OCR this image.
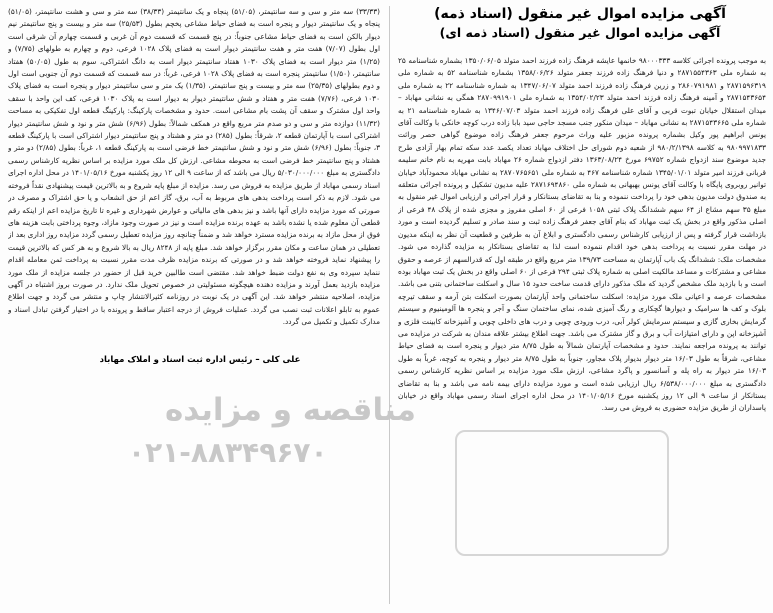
آگهی مزایده اموال غیر منقول (اسناد ذمه)
آگهی مزایده اموال غیر منقول (اسناد ذمه ای)

به موجب پرونده اجرائی کلاسه ۹۸۰۰۰۳۳۳ خانمها عایشه فرهنگ زاده فرزند احمد متولد ۱۳۵۰/۰۶/۰۵ بشماره شناسنامه ۲۵ به شماره ملی ۲۸۷۱۵۵۴۳۶۳ و دنیا فرهنگ زاده فرزند جعفر متولد ۱۳۵۸/۰۶/۲۶ بشماره شناسنامه ۵۲ به شماره ملی ۲۸۷۱۵۹۶۳۱۹ و ۲۸۶۰۷۹۱۹۸۱ و زرین فرهنگ زاده فرزند احمد متولد ۱۳۴۷/۰۶/۰۷ به شماره شناسنامه ۲۲ به شماره ملی ۲۸۷۱۵۴۳۶۵۴ و آمینه فرهنگ زاده فرزند احمد متولد ۱۳۵۴/۰۲/۲۳ به شماره ملی ۲۸۷۰۹۹۱۹۰۱ همگی به نشانی مهاباد – میدان استقلال خیابان تبوت قربی و آقای علی فرهنگ زاده فرزند احمد متولد ۱۳۴۶/۰۷/۰۳ به شماره شناسنامه ۲۱ به شماره ملی ۲۸۷۱۵۴۳۶۶۵ به نشانی مهاباد – میدان منکور جنب مسجد حاجی سید بابا زاده درب کوچه خانکی با وکالت آقای یونس ابراهیم پور وکیل بشماره پرونده مزبور علیه وراث مرحوم جعفر فرهنگ زاده موضوع گواهی حصر وراثت ۹۸۰۹۹۷۱۸۳۳ به کلاسه ۹۸۰/۲/۱۳۹۸ از شعبه دوم شورای حل اختلاف مهاباد تعداد یکصد عدد سکه تمام بهار آزادی طرح جدید موضوع سند ازدواج شماره ۶۹۷۵۲ مورخ ۱۳۶۳/۰۸/۲۴ دفتر ازدواج شماره ۲۶ مهاباد بابت مهریه به نام خانم سلیمه قربانی فرزند امیر متولد ۱۳۴۵/۰۱/۰۱ شماره شناسنامه ۴۶۷ به شماره ملی ۲۸۷۰۷۶۵۶۵۱ به نشانی مهاباد محمودآباد خیابان توانیر روبروی پایگاه با وکالت آقای یونس بهبهانی به شماره ملی ۲۸۷۱۶۹۴۸۶۰ علیه مدیون تشکیل و پرونده اجرائی متعلقه به صندوق دولت مدیون بدهی خود را پرداخت ننموده و بنا به تقاضای بستانکار و قرار اجرائی و ارزیابی اموال غیر منقول به مبلغ ۳۵ سهم مشاع از ۶۴ سهم ششدانگ پلاک ثبتی ۱۰۵۸ فرعی از ۶۰ اصلی مفروز و مجزی شده از پلاک ۴۸ فرعی از اصلی مذکور واقع در بخش یک ثبت مهاباد که بنام آقای جعفر فرهنگ زاده ثبت و سند صادر و تسلیم گردیده است و مورد بازداشت قرار گرفته و پس از ارزیابی کارشناس رسمی دادگستری و ابلاغ آن به طرفین و قطعیت آن نظر به اینکه مدیون در مهلت مقرر نسبت به پرداخت بدهی خود اقدام ننموده است لذا به تقاضای بستانکار به مزایده گذارده می شود. مشخصات ملک: ششدانگ یک باب آپارتمان به مساحت ۱۳۹/۷۳ متر مربع واقع در طبقه اول که قدرالسهم از عرصه و حقوق مشاعی و مشترکات و مساعد مالکیت اصلی به شماره پلاک ثبتی ۲۹۴ فرعی از ۶۰ اصلی واقع در بخش یک ثبت مهاباد بوده است و با بازدید ملک مشخص گردید که ملک مذکور دارای قدمت ساخت حدود ۱۵ سال و اسکلت ساختمانی بتنی می باشد. مشخصات عرصه و اعیانی ملک مورد مزایده: اسکلت ساختمانی واحد آپارتمان بصورت اسکلت بتن آرمه و سقف تیرچه بلوک و کف ها سرامیک و دیوارها گچکاری و رنگ آمیزی شده، نمای ساختمان سنگ و آجر و پنجره ها آلومینیوم و سیستم گرمایش بخاری گازی و سیستم سرمایش کولر آبی، درب ورودی چوبی و درب های داخلی چوبی و آشپزخانه کابینت فلزی و آشپزخانه اپن و دارای امتیازات آب و برق و گاز مشترک می باشد. جهت اطلاع بیشتر علاقه مندان به شرکت در مزایده می توانند به پرونده مراجعه نمایند. حدود و مشخصات آپارتمان شمالاً به طول ۸/۷۵ متر دیوار و پنجره است به فضای حیاط مشاعی، شرقاً به طول ۱۶/۰۳ متر دیوار بدیوار پلاک مجاور، جنوباً به طول ۸/۷۵ متر دیوار و پنجره به کوچه، غرباً به طول ۱۶/۰۳ متر دیوار به راه پله و آسانسور و پاگرد مشاعی، ارزش ملک مورد مزایده بر اساس نظریه کارشناس رسمی دادگستری به مبلغ ۶/۵۳۸/۰۰۰/۰۰۰ ریال ارزیابی شده است و مورد مزایده دارای بیمه نامه می باشد و بنا به تقاضای بستانکار از ساعت ۹ الی ۱۲ روز یکشنبه مورخ ۱۴۰۱/۰۵/۱۶ در محل اداره اجرای اسناد رسمی مهاباد واقع در خیابان پاسداران از طریق مزایده حضوری به فروش می رسد.

(۳۳/۳۳) سه متر و سی و سه سانتیمتر، (۵۱/۰۵) پنجاه و یک سانتیمتر (۳۸/۳۳) سه متر و سی و هشت سانتیمتر، (۵۱/۰۵) پنجاه و یک سانتیمتر دیوار و پنجره است به فضای حیاط مشاعی پخچم بطول (۲۵/۵۳) سه متر و بیست و پنج سانتیمتر نیم دیوار بالکن است به فضای حیاط مشاعی جنوباً: در پنج قسمت که قسمت دوم آن غربی و قسمت چهارم آن شرقی است اول بطول (۷/۰۷) هفت متر و هفت سانتیمتر دیوار است به فضای پلاک ۱۰۲۸ فرعی، دوم و چهارم به طولهای (۷/۷۵) و (۱/۲۵) متر دیوار است به فضای پلاک ۱۰۳۰ هفتاد سانتیمتر دیوار است به دانگ اشتراکی، سوم به طول (۵۰/۰۵) هفتاد سانتیمتر، (۱/۵۰) سانتیمتر پنجره است به فضای پلاک ۱۰۲۸ فرعی، غرباً: در سه قسمت که قسمت دوم آن جنوبی است اول و دوم بطولهای (۲۵/۳۵) سه متر و بیست و پنج سانتیمتر، (۱/۳۵) یک متر و سی سانتیمتر دیوار و پنجره است به فضای پلاک ۱۰۳۰ فرعی، (۷/۷۶) هفت متر و هفتاد و شش سانتیمتر دیوار به دیوار است به پلاک ۱۰۳۰ فرعی، کف این واحد با سقف واحد اول مشترک و سقف آن پشت بام مشاعی است. حدود و مشخصات پارکینگ: پارکینگ قطعه اول تفکیکی به مساحت (۱۱/۳۲) دوازده متر و سی و دو صدم متر مربع واقع در همکف شمالاً: بطول (۶/۹۶) شش متر و نود و شش سانتیمتر دیوار اشتراکی است با آپارتمان قطعه ۲، شرقاً: بطول (۲۸۵) دو متر و هشتاد و پنج سانتیمتر دیوار اشتراکی است با پارکینگ قطعه ۳، جنوباً: بطول (۶/۹۶) شش متر و نود و شش سانتیمتر خط فرضی است به پارکینگ قطعه ۱، غرباً: بطول (۲/۸۵) دو متر و هشتاد و پنج سانتیمتر خط فرضی است به محوطه مشاعی. ارزش کل ملک مورد مزایده بر اساس نظریه کارشناس رسمی دادگستری به مبلغ ۵/۰۳۰/۰۰۰/۰۰۰ ریال می باشد که از ساعت ۹ الی ۱۲ روز یکشنبه مورخ ۱۴۰۱/۰۵/۱۶ در محل اداره اجرای اسناد رسمی مهاباد از طریق مزایده به فروش می رسد. مزایده از مبلغ پایه شروع و به بالاترین قیمت پیشنهادی نقداً فروخته می شود. لازم به ذکر است پرداخت بدهی های مربوط به آب، برق، گاز اعم از حق انشعاب و یا حق اشتراک و مصرف در صورتی که مورد مزایده دارای آنها باشد و نیز بدهی های مالیاتی و عوارض شهرداری و غیره تا تاریخ مزایده اعم از اینکه رقم قطعی آن معلوم شده یا نشده باشد به عهده برنده مزایده است و نیز در صورت وجود مازاد، وجوه پرداختی بابت هزینه های فوق از محل مازاد به برنده مزایده مسترد خواهد شد و ضمناً چنانچه روز مزایده تعطیل رسمی گردد مزایده روز اداری بعد از تعطیلی در همان ساعت و مکان مقرر برگزار خواهد شد. مبلغ پایه از ۸۲۴۸ ریال به بالا شروع و به هر کس که بالاترین قیمت را پیشنهاد نماید فروخته خواهد شد و در صورتی که برنده مزایده ظرف مدت مقرر نسبت به پرداخت ثمن معامله اقدام ننماید سپرده وی به نفع دولت ضبط خواهد شد. مقتضی است طالبین خرید قبل از حضور در جلسه مزایده از ملک مورد مزایده بازدید بعمل آورند و مزایده دهنده هیچگونه مسئولیتی در خصوص تحویل ملک ندارد. در صورت بروز اشتباه در آگهی مزایده، اصلاحیه منتشر خواهد شد. این آگهی در یک نوبت در روزنامه کثیرالانتشار چاپ و منتشر می گردد و جهت اطلاع عموم به تابلو اعلانات ثبت نصب می گردد. عملیات فروش از درجه اعتبار ساقط و پرونده با در اختیار گرفتن تبادل اسناد و مدارک تکمیل و تکمیل می گردد.

علی کلی – رئیس اداره ثبت اسناد و املاک مهاباد
مناقصه و مزایده
۰۲۱-۸۸۳۴۹۶۷۰
